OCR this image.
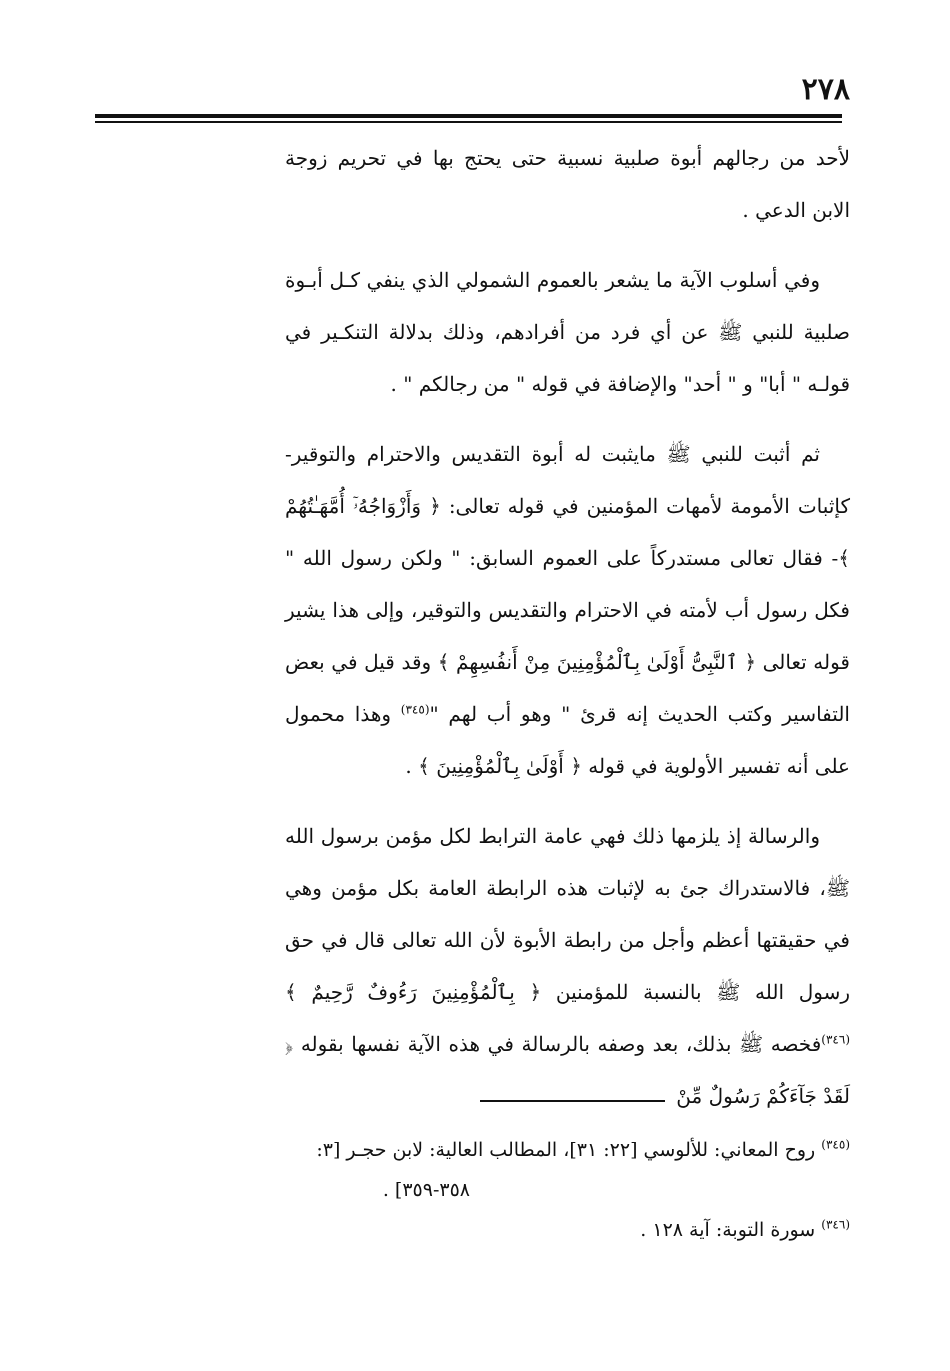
٢٧٨

لأحد من رجالهم أبوة صلبية نسبية حتى يحتج بها في تحريم زوجة الابن الدعي .

وفي أسلوب الآية ما يشعر بالعموم الشمولي الذي ينفي كـل أبـوة صلبية للنبي ﷺ عن أي فرد من أفرادهم، وذلك بدلالة التنكـير في قولـه " أبا" و " أحد" والإضافة في قوله " من رجالكم " .

ثم أثبت للنبي ﷺ مايثبت له أبوة التقديس والاحترام والتوقير- كإثبات الأمومة لأمهات المؤمنين في قوله تعالى: ﴿ وَأَزْوَاجُهُۥٓ أُمَّهَـٰتُهُمْ ﴾- فقال تعالى مستدركاً على العموم السابق: " ولكن رسول الله " فكل رسول أب لأمته في الاحترام والتقديس والتوقير، وإلى هذا يشير قوله تعالى ﴿ ٱلنَّبِىُّ أَوْلَىٰ بِٱلْمُؤْمِنِينَ مِنْ أَنفُسِهِمْ ﴾ وقد قيل في بعض التفاسير وكتب الحديث إنه قرئ " وهو أب لهم "$^{(٣٤٥)}$ وهذا محمول على أنه تفسير الأولوية في قوله ﴿ أَوْلَىٰ بِٱلْمُؤْمِنِينَ ﴾ .

والرسالة إذ يلزمها ذلك فهي عامة الترابط لكل مؤمن برسول الله ﷺ، فالاستدراك جئ به لإثبات هذه الرابطة العامة بكل مؤمن وهي في حقيقتها أعظم وأجل من رابطة الأبوة لأن الله تعالى قال في حق رسول الله ﷺ بالنسبة للمؤمنين ﴿ بِٱلْمُؤْمِنِينَ رَءُوفٌ رَّحِيمٌ ﴾$^{(٣٤٦)}$فخصه ﷺ بذلك، بعد وصفه بالرسالة في هذه الآية نفسها بقوله ﴿ لَقَدْ جَآءَكُمْ رَسُولٌ مِّنْ

$^{(٣٤٥)}$ روح المعاني: للألوسي [٢٢: ٣١]، المطالب العالية: لابن حجـر [٣:

٣٥٨-٣٥٩] .

$^{(٣٤٦)}$ سورة التوبة: آية ١٢٨ .
